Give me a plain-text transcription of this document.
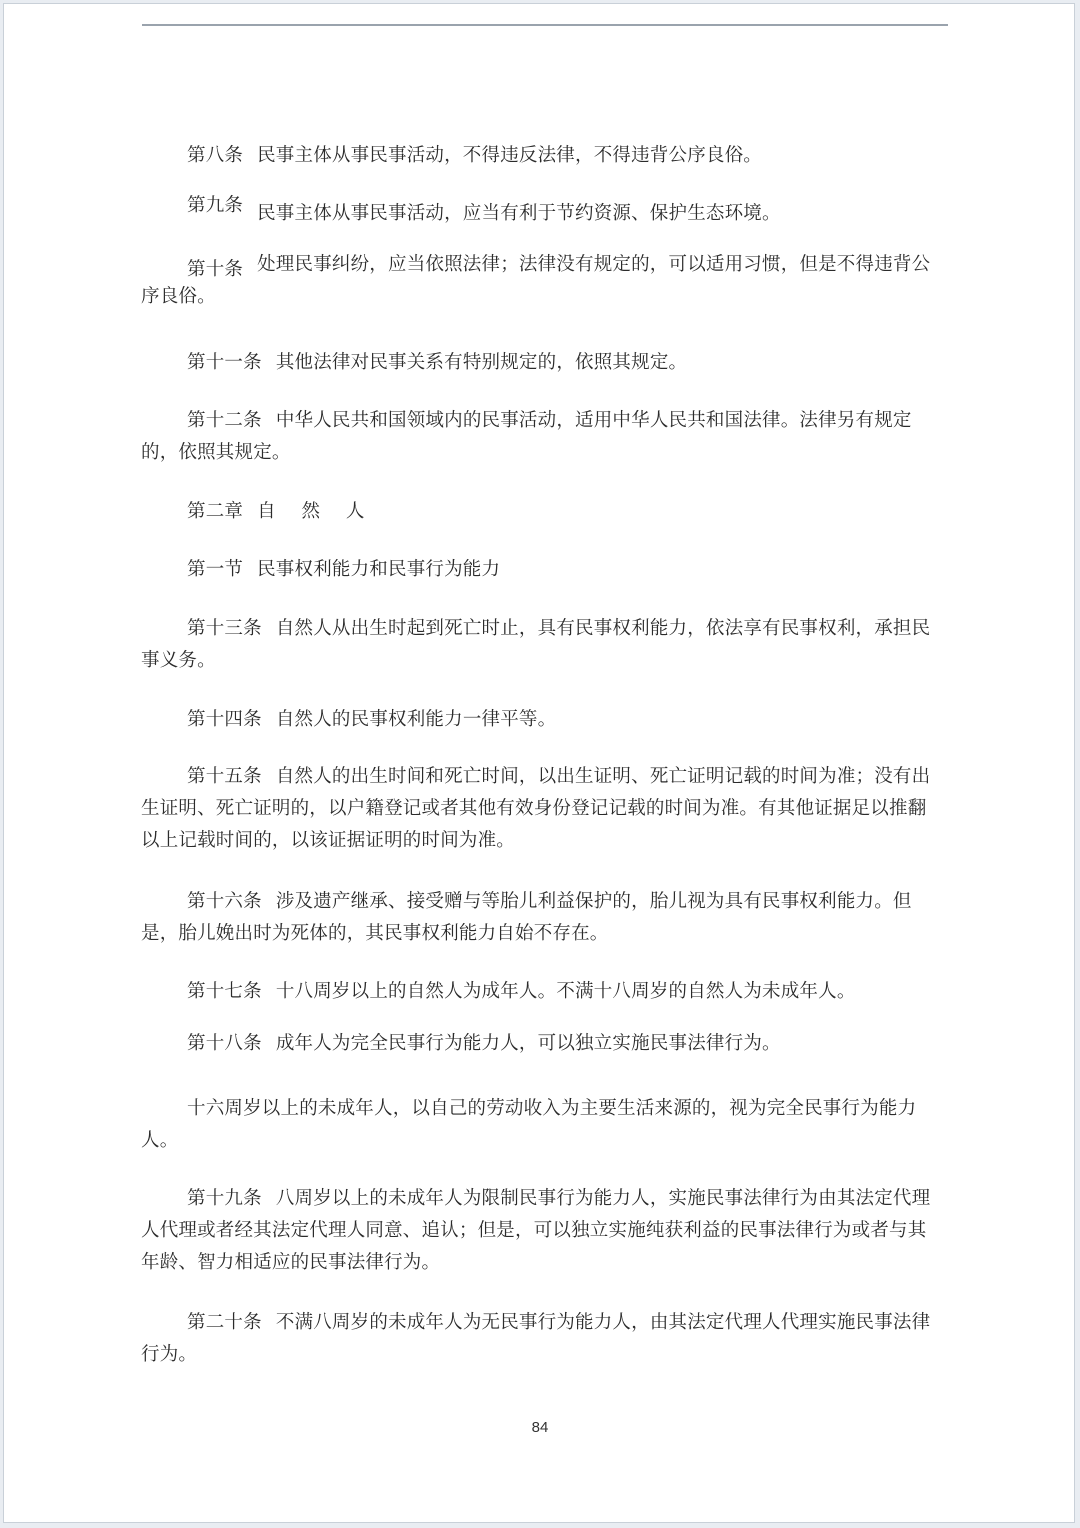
第八条 民事主体从事民事活动，不得违反法律，不得违背公序良俗。

第九条 民事主体从事民事活动，应当有利于节约资源、保护生态环境。

第十条 处理民事纠纷，应当依照法律；法律没有规定的，可以适用习惯，但是不得违背公序良俗。

第十一条 其他法律对民事关系有特别规定的，依照其规定。

第十二条 中华人民共和国领域内的民事活动，适用中华人民共和国法律。法律另有规定的，依照其规定。

第二章 自 然 人

第一节 民事权利能力和民事行为能力

第十三条 自然人从出生时起到死亡时止，具有民事权利能力，依法享有民事权利，承担民事义务。

第十四条 自然人的民事权利能力一律平等。

第十五条 自然人的出生时间和死亡时间，以出生证明、死亡证明记载的时间为准；没有出生证明、死亡证明的，以户籍登记或者其他有效身份登记记载的时间为准。有其他证据足以推翻以上记载时间的，以该证据证明的时间为准。

第十六条 涉及遗产继承、接受赠与等胎儿利益保护的，胎儿视为具有民事权利能力。但是，胎儿娩出时为死体的，其民事权利能力自始不存在。

第十七条 十八周岁以上的自然人为成年人。不满十八周岁的自然人为未成年人。

第十八条 成年人为完全民事行为能力人，可以独立实施民事法律行为。

十六周岁以上的未成年人，以自己的劳动收入为主要生活来源的，视为完全民事行为能力人。

第十九条 八周岁以上的未成年人为限制民事行为能力人，实施民事法律行为由其法定代理人代理或者经其法定代理人同意、追认；但是，可以独立实施纯获利益的民事法律行为或者与其年龄、智力相适应的民事法律行为。

第二十条 不满八周岁的未成年人为无民事行为能力人，由其法定代理人代理实施民事法律行为。

84
